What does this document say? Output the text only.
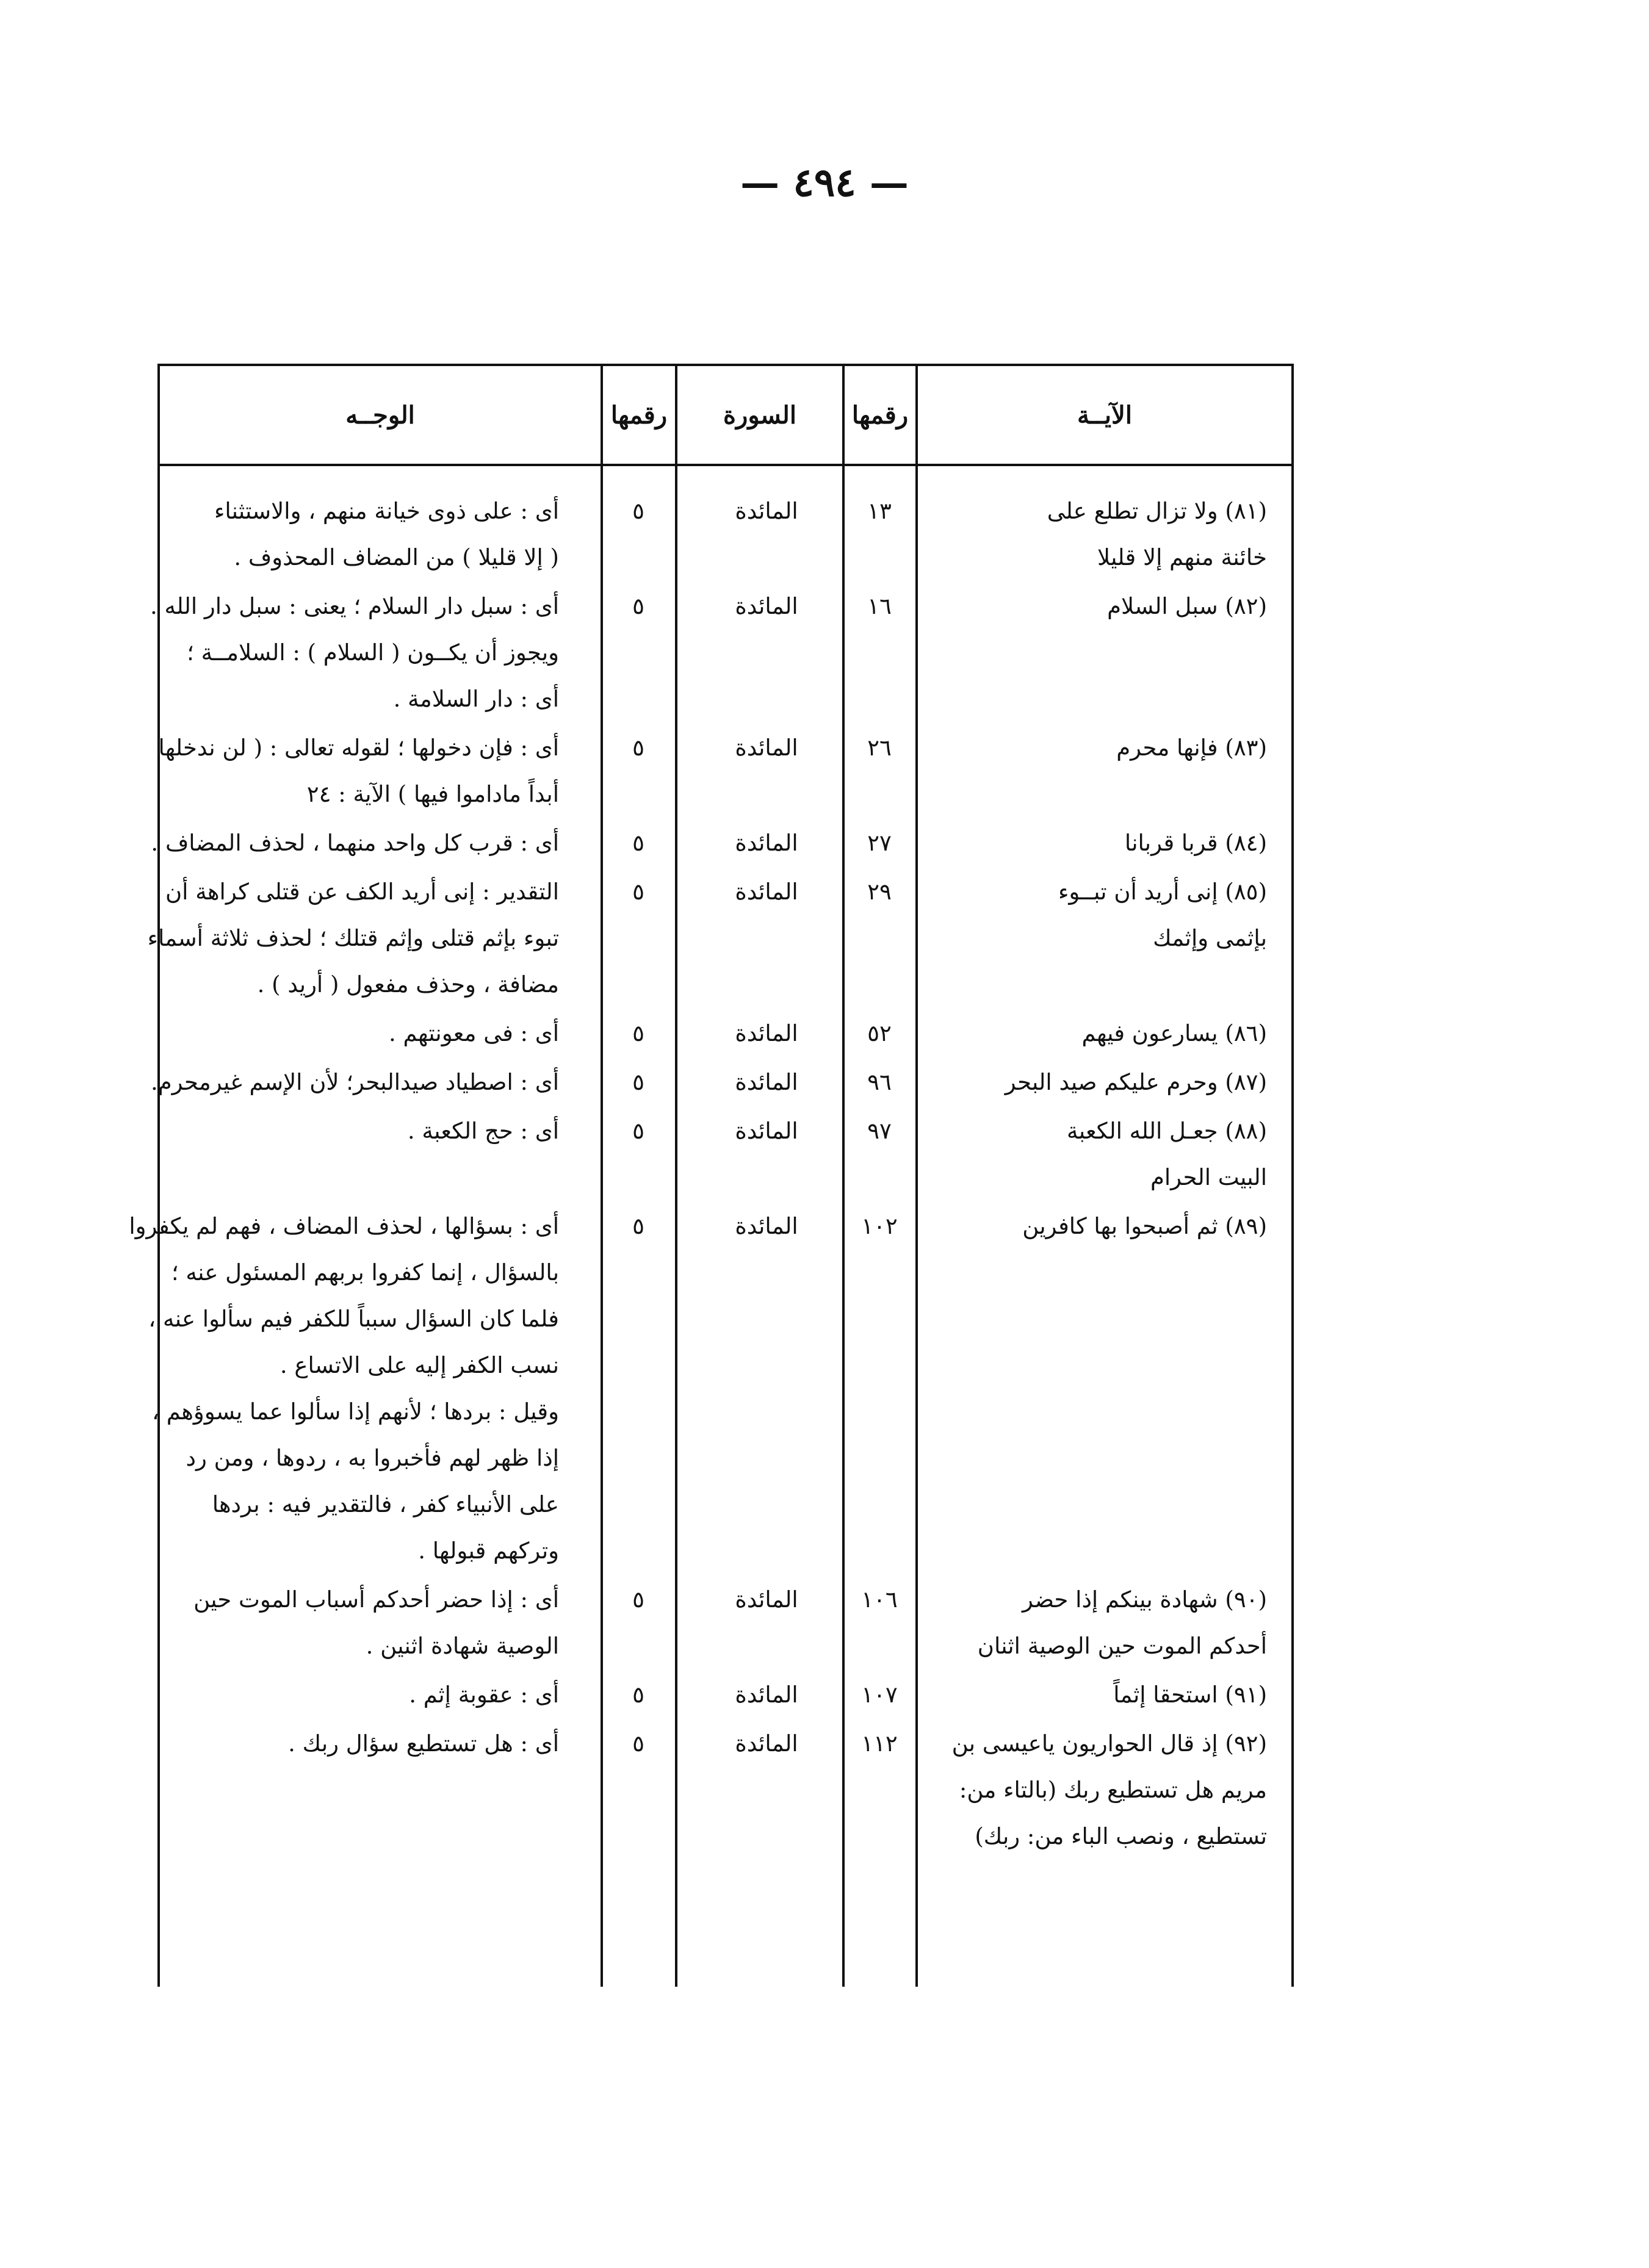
— ٤٩٤ —
الآيــة
رقمها
السورة
رقمها
الوجــه
(٨١) ولا تزال تطلع على
خائنة منهم إلا قليلا
١٣
المائدة
٥
أى : على ذوى خيانة منهم ، والاستثناء
( إلا قليلا ) من المضاف المحذوف .
(٨٢) سبل السلام
١٦
المائدة
٥
أى : سبل دار السلام ؛ يعنى : سبل دار الله .
ويجوز أن يكــون ( السلام ) : السلامــة ؛
أى : دار السلامة .
(٨٣) فإنها محرم
٢٦
المائدة
٥
أى : فإن دخولها ؛ لقوله تعالى : ( لن ندخلها
أبداً ماداموا فيها ) الآية : ٢٤
(٨٤) قربا قربانا
٢٧
المائدة
٥
أى : قرب كل واحد منهما ، لحذف المضاف .
(٨٥) إنى أريد أن تبــوء
بإثمى وإثمك
٢٩
المائدة
٥
التقدير : إنى أريد الكف عن قتلى كراهة أن
تبوء بإثم قتلى وإثم قتلك ؛ لحذف ثلاثة أسماء
مضافة ، وحذف مفعول ( أريد ) .
(٨٦) يسارعون فيهم
٥٢
المائدة
٥
أى : فى معونتهم .
(٨٧) وحرم عليكم صيد البحر
٩٦
المائدة
٥
أى : اصطياد صيدالبحر؛ لأن الإسم غيرمحرم.
(٨٨) جعـل الله الكعبة
البيت الحرام
٩٧
المائدة
٥
أى : حج الكعبة .
(٨٩) ثم أصبحوا بها كافرين
١٠٢
المائدة
٥
أى : بسؤالها ، لحذف المضاف ، فهم لم يكفروا
بالسؤال ، إنما كفروا بربهم المسئول عنه ؛
فلما كان السؤال سبباً للكفر فيم سألوا عنه ،
نسب الكفر إليه على الاتساع .
وقيل : بردها ؛ لأنهم إذا سألوا عما يسوؤهم ،
إذا ظهر لهم فأخبروا به ، ردوها ، ومن رد
على الأنبياء كفر ، فالتقدير فيه : بردها
وتركهم قبولها .
(٩٠) شهادة بينكم إذا حضر
أحدكم الموت حين الوصية اثنان
١٠٦
المائدة
٥
أى : إذا حضر أحدكم أسباب الموت حين
الوصية شهادة اثنين .
(٩١) استحقا إثماً
١٠٧
المائدة
٥
أى : عقوبة إثم .
(٩٢) إذ قال الحواريون ياعيسى بن
مريم هل تستطيع ربك (بالتاء من:
تستطيع ، ونصب الباء من: ربك)
١١٢
المائدة
٥
أى : هل تستطيع سؤال ربك .
